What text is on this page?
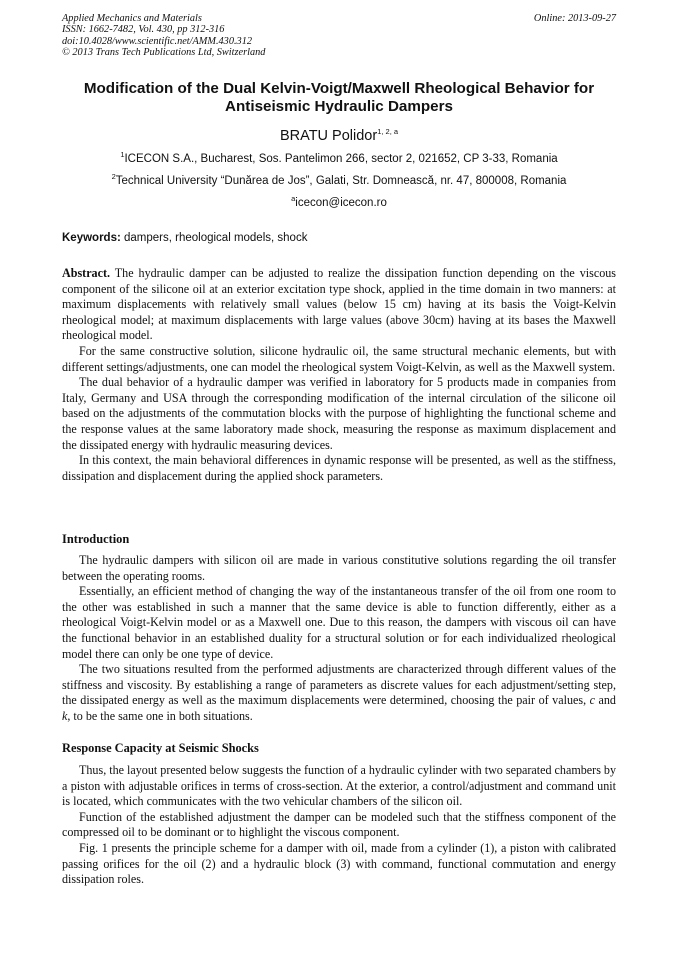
Applied Mechanics and Materials
ISSN: 1662-7482, Vol. 430, pp 312-316
doi:10.4028/www.scientific.net/AMM.430.312
© 2013 Trans Tech Publications Ltd, Switzerland
Online: 2013-09-27
Modification of the Dual Kelvin-Voigt/Maxwell Rheological Behavior for Antiseismic Hydraulic Dampers
BRATU Polidor$^{1, 2, a}$
$^1$ICECON S.A., Bucharest, Sos. Pantelimon 266, sector 2, 021652, CP 3-33, Romania
$^2$Technical University “Dunărea de Jos”, Galati, Str. Domnească, nr. 47, 800008, Romania
$^a$icecon@icecon.ro
Keywords: dampers, rheological models, shock

Abstract. The hydraulic damper can be adjusted to realize the dissipation function depending on the viscous component of the silicone oil at an exterior excitation type shock, applied in the time domain in two manners: at maximum displacements with relatively small values (below 15 cm) having at its basis the Voigt-Kelvin rheological model; at maximum displacements with large values (above 30cm) having at its bases the Maxwell rheological model.

For the same constructive solution, silicone hydraulic oil, the same structural mechanic elements, but with different settings/adjustments, one can model the rheological system Voigt-Kelvin, as well as the Maxwell system.

The dual behavior of a hydraulic damper was verified in laboratory for 5 products made in companies from Italy, Germany and USA through the corresponding modification of the internal circulation of the silicone oil based on the adjustments of the commutation blocks with the purpose of highlighting the functional scheme and the response values at the same laboratory made shock, measuring the response as maximum displacement and the dissipated energy with hydraulic measuring devices.

In this context, the main behavioral differences in dynamic response will be presented, as well as the stiffness, dissipation and displacement during the applied shock parameters.

Introduction

The hydraulic dampers with silicon oil are made in various constitutive solutions regarding the oil transfer between the operating rooms.

Essentially, an efficient method of changing the way of the instantaneous transfer of the oil from one room to the other was established in such a manner that the same device is able to function differently, either as a rheological Voigt-Kelvin model or as a Maxwell one. Due to this reason, the dampers with viscous oil can have the functional behavior in an established duality for a structural solution or for each individualized rheological model there can only be one type of device.

The two situations resulted from the performed adjustments are characterized through different values of the stiffness and viscosity. By establishing a range of parameters as discrete values for each adjustment/setting step, the dissipated energy as well as the maximum displacements were determined, choosing the pair of values, c and k, to be the same one in both situations.

Response Capacity at Seismic Shocks

Thus, the layout presented below suggests the function of a hydraulic cylinder with two separated chambers by a piston with adjustable orifices in terms of cross-section. At the exterior, a control/adjustment and command unit is located, which communicates with the two vehicular chambers of the silicon oil.

Function of the established adjustment the damper can be modeled such that the stiffness component of the compressed oil to be dominant or to highlight the viscous component.

Fig. 1 presents the principle scheme for a damper with oil, made from a cylinder (1), a piston with calibrated passing orifices for the oil (2) and a hydraulic block (3) with command, functional commutation and energy dissipation roles.
